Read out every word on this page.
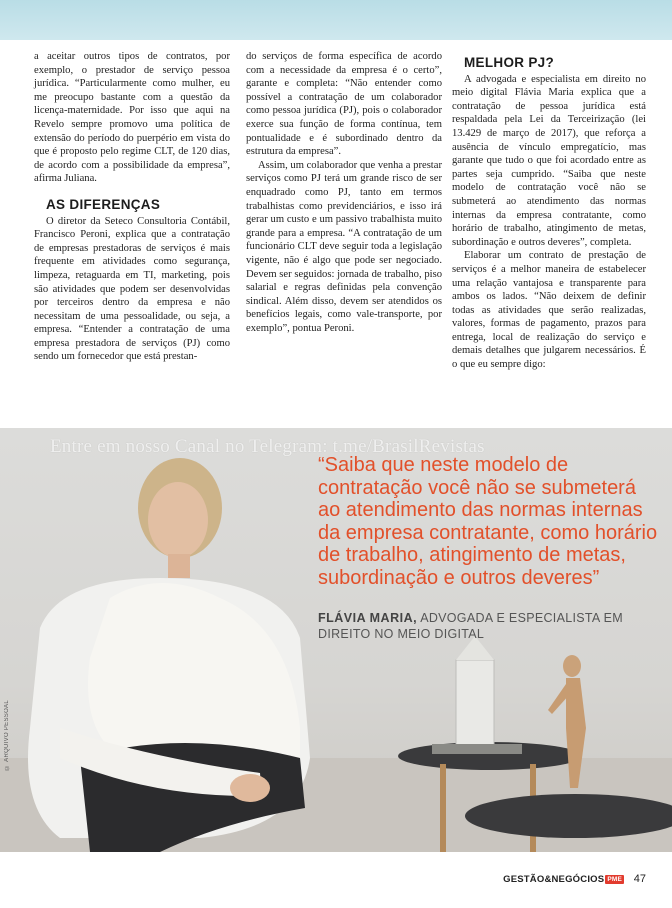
a aceitar outros tipos de contratos, por exemplo, o prestador de serviço pessoa jurídica. “Particularmente como mulher, eu me preocupo bastante com a questão da licença-maternidade. Por isso que aqui na Revelo sempre promovo uma política de extensão do período do puerpério em vista do que é proposto pelo regime CLT, de 120 dias, de acordo com a possibilidade da empresa”, afirma Juliana.

AS DIFERENÇAS

O diretor da Seteco Consultoria Contábil, Francisco Peroni, explica que a contratação de empresas prestadoras de serviços é mais frequente em atividades como segurança, limpeza, retaguarda em TI, marketing, pois são atividades que podem ser desenvolvidas por terceiros dentro da empresa e não necessitam de uma pessoalidade, ou seja, a empresa. “Entender a contratação de uma empresa prestadora de serviços (PJ) como sendo um fornecedor que está prestan-

do serviços de forma específica de acordo com a necessidade da empresa é o certo”, garante e completa: “Não entender como possível a contratação de um colaborador como pessoa jurídica (PJ), pois o colaborador exerce sua função de forma contínua, tem pontualidade e é subordinado dentro da estrutura da empresa”.

Assim, um colaborador que venha a prestar serviços como PJ terá um grande risco de ser enquadrado como PJ, tanto em termos trabalhistas como previdenciários, e isso irá gerar um custo e um passivo trabalhista muito grande para a empresa. “A contratação de um funcionário CLT deve seguir toda a legislação vigente, não é algo que pode ser negociado. Devem ser seguidos: jornada de trabalho, piso salarial e regras definidas pela convenção sindical. Além disso, devem ser atendidos os benefícios legais, como vale-transporte, por exemplo”, pontua Peroni.

MELHOR PJ?

A advogada e especialista em direito no meio digital Flávia Maria explica que a contratação de pessoa jurídica está respaldada pela Lei da Terceirização (lei 13.429 de março de 2017), que reforça a ausência de vínculo empregatício, mas garante que tudo o que foi acordado entre as partes seja cumprido. “Saiba que neste modelo de contratação você não se submeterá ao atendimento das normas internas da empresa contratante, como horário de trabalho, atingimento de metas, subordinação e outros deveres”, completa.

Elaborar um contrato de prestação de serviços é a melhor maneira de estabelecer uma relação vantajosa e transparente para ambos os lados. “Não deixem de definir todas as atividades que serão realizadas, valores, formas de pagamento, prazos para entrega, local de realização do serviço e demais detalhes que julgarem necessários. É o que eu sempre digo:

Entre em nosso Canal no Telegram: t.me/BrasilRevistas
“Saiba que neste modelo de contratação você não se submeterá ao atendimento das normas internas da empresa contratante, como horário de trabalho, atingimento de metas, subordinação e outros deveres”
FLÁVIA MARIA, ADVOGADA E ESPECIALISTA EM DIREITO NO MEIO DIGITAL
© ARQUIVO PESSOAL
GESTÃO&NEGÓCIOS PME 47
